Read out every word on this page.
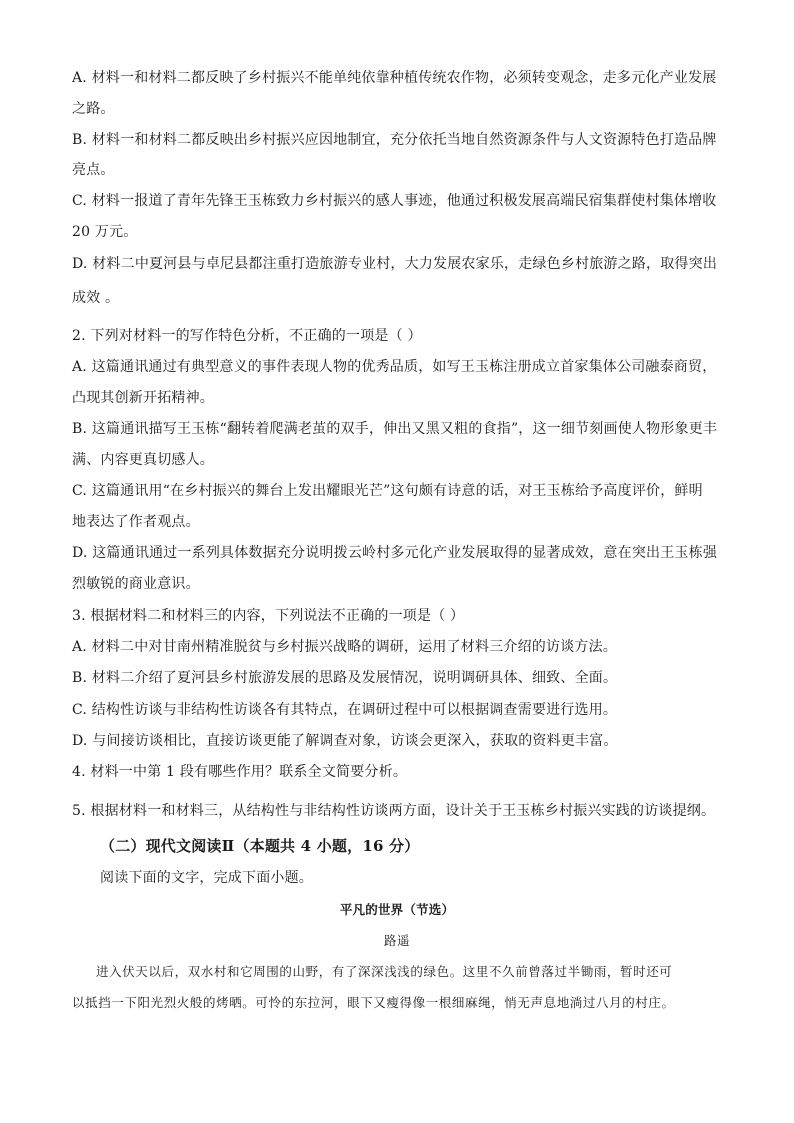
A. 材料一和材料二都反映了乡村振兴不能单纯依靠种植传统农作物，必须转变观念，走多元化产业发展
之路。
B. 材料一和材料二都反映出乡村振兴应因地制宜，充分依托当地自然资源条件与人文资源特色打造品牌
亮点。
C. 材料一报道了青年先锋王玉栋致力乡村振兴的感人事迹，他通过积极发展高端民宿集群使村集体增收
20 万元。
D. 材料二中夏河县与卓尼县都注重打造旅游专业村，大力发展农家乐，走绿色乡村旅游之路，取得突出
成效 。
2. 下列对材料一的写作特色分析，不正确的一项是（ ）
A. 这篇通讯通过有典型意义的事件表现人物的优秀品质，如写王玉栋注册成立首家集体公司融泰商贸，
凸现其创新开拓精神。
B. 这篇通讯描写王玉栋“翻转着爬满老茧的双手，伸出又黑又粗的食指”，这一细节刻画使人物形象更丰
满、内容更真切感人。
C. 这篇通讯用“在乡村振兴的舞台上发出耀眼光芒”这句颇有诗意的话，对王玉栋给予高度评价，鲜明
地表达了作者观点。
D. 这篇通讯通过一系列具体数据充分说明拨云岭村多元化产业发展取得的显著成效，意在突出王玉栋强
烈敏锐的商业意识。
3. 根据材料二和材料三的内容，下列说法不正确的一项是（ ）
A. 材料二中对甘南州精准脱贫与乡村振兴战略的调研，运用了材料三介绍的访谈方法。
B. 材料二介绍了夏河县乡村旅游发展的思路及发展情况，说明调研具体、细致、全面。
C. 结构性访谈与非结构性访谈各有其特点，在调研过程中可以根据调查需要进行选用。
D. 与间接访谈相比，直接访谈更能了解调查对象，访谈会更深入，获取的资料更丰富。
4. 材料一中第 1 段有哪些作用？联系全文简要分析。
5. 根据材料一和材料三，从结构性与非结构性访谈两方面，设计关于王玉栋乡村振兴实践的访谈提纲。
（二）现代文阅读Ⅱ（本题共 4 小题，16 分）
阅读下面的文字，完成下面小题。
平凡的世界（节选）
路遥
进入伏天以后，双水村和它周围的山野，有了深深浅浅的绿色。这里不久前曾落过半锄雨，暂时还可
以抵挡一下阳光烈火般的烤晒。可怜的东拉河，眼下又瘦得像一根细麻绳，悄无声息地淌过八月的村庄。
